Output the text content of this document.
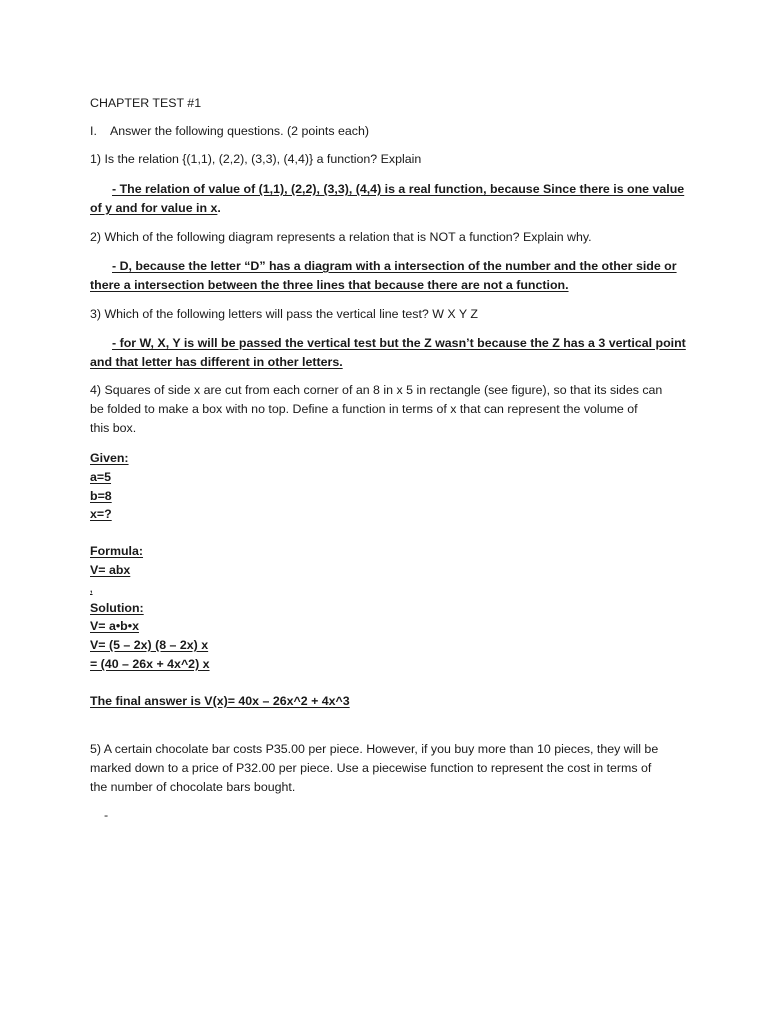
CHAPTER TEST #1
I. Answer the following questions. (2 points each)
1) Is the relation {(1,1), (2,2), (3,3), (4,4)} a function? Explain
- The relation of value of (1,1), (2,2), (3,3), (4,4) is a real function, because Since there is one value
of y and for value in x.
2) Which of the following diagram represents a relation that is NOT a function? Explain why.
- D, because the letter “D” has a diagram with a intersection of the number and the other side or
there a intersection between the three lines that because there are not a function.
3) Which of the following letters will pass the vertical line test? W X Y Z
- for W, X, Y is will be passed the vertical test but the Z wasn’t because the Z has a 3 vertical point
and that letter has different in other letters.
4) Squares of side x are cut from each corner of an 8 in x 5 in rectangle (see figure), so that its sides can
be folded to make a box with no top. Define a function in terms of x that can represent the volume of
this box.
Given:
a=5
b=8
x=?
Formula:
V= abx
,
Solution:
V= a•b•x
V= (5 – 2x) (8 – 2x) x
= (40 – 26x + 4x^2) x
The final answer is V(x)= 40x – 26x^2 + 4x^3
5) A certain chocolate bar costs P35.00 per piece. However, if you buy more than 10 pieces, they will be
marked down to a price of P32.00 per piece. Use a piecewise function to represent the cost in terms of
the number of chocolate bars bought.
-
